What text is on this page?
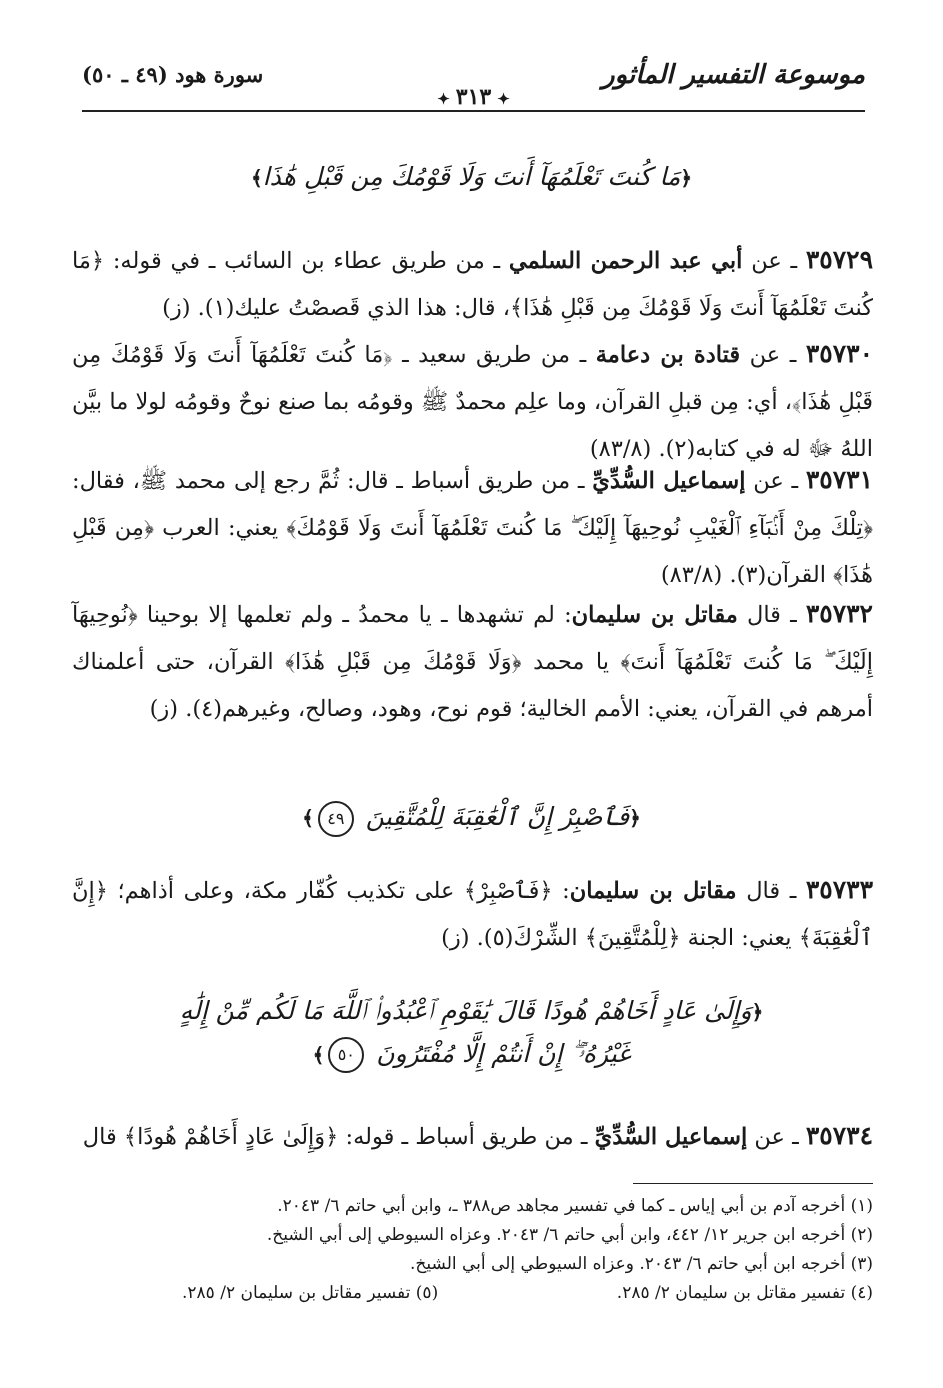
موسوعة التفسير المأثور
✦٣١٣✦
سورة هود (٤٩ ـ ٥٠)
﴿مَا كُنتَ تَعْلَمُهَآ أَنتَ وَلَا قَوْمُكَ مِن قَبْلِ هَٰذَا﴾
٣٥٧٢٩ ـ عن أبي عبد الرحمن السلمي ـ من طريق عطاء بن السائب ـ في قوله: ﴿مَا كُنتَ تَعْلَمُهَآ أَنتَ وَلَا قَوْمُكَ مِن قَبْلِ هَٰذَا﴾، قال: هذا الذي قَصصْتُ عليك(١). (ز)
٣٥٧٣٠ ـ عن قتادة بن دعامة ـ من طريق سعيد ـ ﴿مَا كُنتَ تَعْلَمُهَآ أَنتَ وَلَا قَوْمُكَ مِن قَبْلِ هَٰذَا﴾، أي: مِن قبلِ القرآن، وما علِم محمدٌ ﷺ وقومُه بما صنع نوحٌ وقومُه لولا ما بيَّن اللهُ ﷻ له في كتابه(٢). (٨٣/٨)
٣٥٧٣١ ـ عن إسماعيل السُّدِّيِّ ـ من طريق أسباط ـ قال: ثُمَّ رجع إلى محمد ﷺ، فقال: ﴿تِلْكَ مِنْ أَنۢبَآءِ ٱلْغَيْبِ نُوحِيهَآ إِلَيْكَ ۖ مَا كُنتَ تَعْلَمُهَآ أَنتَ وَلَا قَوْمُكَ﴾ يعني: العرب ﴿مِن قَبْلِ هَٰذَا﴾ القرآن(٣). (٨٣/٨)
٣٥٧٣٢ ـ قال مقاتل بن سليمان: لم تشهدها ـ يا محمدُ ـ ولم تعلمها إلا بوحينا ﴿نُوحِيهَآ إِلَيْكَ ۖ مَا كُنتَ تَعْلَمُهَآ أَنتَ﴾ يا محمد ﴿وَلَا قَوْمُكَ مِن قَبْلِ هَٰذَا﴾ القرآن، حتى أعلمناك أمرهم في القرآن، يعني: الأمم الخالية؛ قوم نوح، وهود، وصالح، وغيرهم(٤). (ز)
﴿فَٱصْبِرْ إِنَّ ٱلْعَٰقِبَةَ لِلْمُتَّقِينَ ٤٩﴾
٣٥٧٣٣ ـ قال مقاتل بن سليمان: ﴿فَٱصْبِرْ﴾ على تكذيب كُفّار مكة، وعلى أذاهم؛ ﴿إِنَّ ٱلْعَٰقِبَةَ﴾ يعني: الجنة ﴿لِلْمُتَّقِينَ﴾ الشِّرْكَ(٥). (ز)
﴿وَإِلَىٰ عَادٍ أَخَاهُمْ هُودًا قَالَ يَٰقَوْمِ ٱعْبُدُوا۟ ٱللَّهَ مَا لَكُم مِّنْ إِلَٰهٍ غَيْرُهُۥٓ ۖ إِنْ أَنتُمْ إِلَّا مُفْتَرُونَ ٥٠﴾
٣٥٧٣٤ ـ عن إسماعيل السُّدِّيِّ ـ من طريق أسباط ـ قوله: ﴿وَإِلَىٰ عَادٍ أَخَاهُمْ هُودًا﴾ قال
(١) أخرجه آدم بن أبي إياس ـ كما في تفسير مجاهد ص٣٨٨ ـ، وابن أبي حاتم ٦/ ٢٠٤٣.
(٢) أخرجه ابن جرير ١٢/ ٤٤٢، وابن أبي حاتم ٦/ ٢٠٤٣. وعزاه السيوطي إلى أبي الشيخ.
(٣) أخرجه ابن أبي حاتم ٦/ ٢٠٤٣. وعزاه السيوطي إلى أبي الشيخ.
(٤) تفسير مقاتل بن سليمان ٢/ ٢٨٥.
(٥) تفسير مقاتل بن سليمان ٢/ ٢٨٥.
